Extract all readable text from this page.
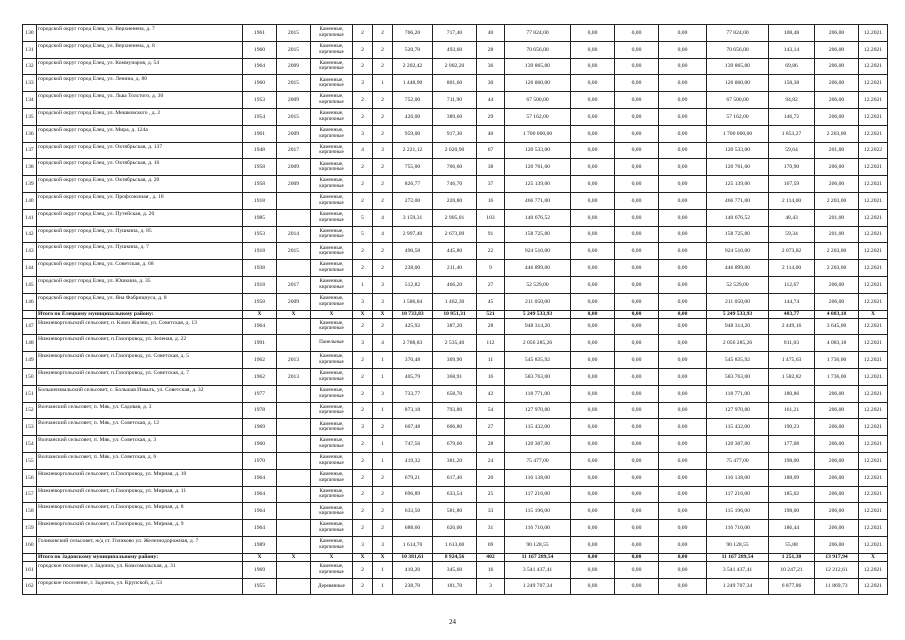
130	городской округ город Елец, ул. Верхненена, д. 7	1961	2015	Каменные, кирпичные	2	2	766,20	717,40	40	77 824,00	0,00	0,00	0,00	77 824,00	108,48	206,00	12.2021
131	городской округ город Елец, ул. Верхненена, д. 8	1960	2015	Каменные, кирпичные	2	2	520,70	493,60	28	70 656,00	0,00	0,00	0,00	70 656,00	143,14	206,00	12.2021
132	городской округ город Елец, ул. Коммунаров, д. 54	1964	2009	Каменные, кирпичные	2	2	2 202,42	2 002,20	36	139 865,00	0,00	0,00	0,00	139 865,00	69,86	206,00	12.2021
133	городской округ город Елец, ул. Ленина, д. 80	1960	2015	Каменные, кирпичные	3	1	1 448,90	801,60	30	126 860,00	0,00	0,00	0,00	126 860,00	158,38	206,00	12.2021
134	городской округ город Елец, ул. Льва Толстого, д. 30	1953	2009	Каменные, кирпичные	2	2	752,00	711,90	44	67 500,00	0,00	0,00	0,00	67 500,00	94,82	206,00	12.2021
135	городской округ город Елец, ул. Мешковского , д. 2	1954	2015	Каменные, кирпичные	2	2	426,00	389,60	29	57 162,00	0,00	0,00	0,00	57 162,00	146,72	206,00	12.2021
136	городской округ город Елец, ул. Мира, д. 124а	1961	2009	Каменные, кирпичные	3	2	959,00	917,30	40	1 700 000,00	0,00	0,00	0,00	1 700 000,00	1 853,27	2 203,00	12.2021
137	городской округ город Елец, ул. Октябрьская, д. 137	1948	2017	Каменные, кирпичные	4	3	2 221,12	2 020,90	67	120 533,00	0,00	0,00	0,00	120 533,00	59,64	201,00	12.2022
138	городской округ город Елец, ул. Октябрьская, д. 16	1958	2009	Каменные, кирпичные	2	2	755,00	706,60	38	120 761,00	0,00	0,00	0,00	120 761,00	170,90	206,00	12.2021
139	городской округ город Елец, ул. Октябрьская, д. 20	1958	2009	Каменные, кирпичные	2	2	826,77	746,70	37	125 139,00	0,00	0,00	0,00	125 139,00	167,59	206,00	12.2021
140	городской округ город Елец, ул. Профсоюзная , д. 18	1918		Каменные, кирпичные	2	2	272,00	220,80	16	466 771,00	0,00	0,00	0,00	466 771,00	2 114,00	2 203,00	12.2021
141	городской округ город Елец, ул. Путейская, д. 20	1985		Каменные, кирпичные	5	4	3 159,31	2 905,01	103	140 676,52	0,00	0,00	0,00	140 676,52	48,43	201,00	12.2021
142	городской округ город Елец, ул. Пушкина, д. 85	1953	2014	Каменные, кирпичные	5	4	2 997,40	2 673,09	91	158 725,00	0,00	0,00	0,00	158 725,00	59,34	201,00	12.2021
143	городской округ город Елец, ул. Пушкина, д. 7	1918	2015	Каменные, кирпичные	2	2	490,58	445,80	22	924 510,00	0,00	0,00	0,00	924 510,00	2 073,82	2 203,00	12.2021
144	городской округ город Елец, ул. Советская, д. 68	1938		Каменные, кирпичные	2	2	238,00	211,40	9	446 899,00	0,00	0,00	0,00	446 899,00	2 114,00	2 203,00	12.2021
145	городской округ город Елец, ул. Юшкина, д. 35	1918	2017	Каменные, кирпичные	1	3	512,82	466,20	27	52 529,00	0,00	0,00	0,00	52 529,00	112,67	206,00	12.2021
146	городской округ город Елец, ул. Яна Фабрициуса, д. 8	1958	2009	Каменные, кирпичные	3	3	1 586,84	1 462,30	45	211 050,00	0,00	0,00	0,00	211 050,00	144,74	206,00	12.2021
	Итого по Елецкому муниципальному району:	X	X	X	X	X	10 733,83	10 851,31	521	5 249 533,93	0,00	0,00	0,00	5 249 533,93	483,77	4 083,18	X
147	Нижневоргольский сельсовет, п. Ключ Жизни, ул. Советская, д. 13	1964		Каменные, кирпичные	2	2	425,92	387,20	28	948 314,20	0,00	0,00	0,00	948 314,20	2 449,16	3 645,00	12.2021
148	Нижневоргольский сельсовет, п.Газопровод, ул. Зеленая, д. 22	1991		Панельные	3	4	2 788,83	2 535,40	112	2 056 285,26	0,00	0,00	0,00	2 056 285,26	811,03	4 083,18	12.2021
149	Нижневоргольский сельсовет, п.Газопровод, ул. Советская, д. 5	1962	2013	Каменные, кирпичные	2	1	370,48	369,90	11	545 835,92	0,00	0,00	0,00	545 835,92	1 475,63	1 736,00	12.2021
150	Нижневоргольский сельсовет, п.Газопровод, ул. Советская, д. 7	1962	2013	Каменные, кирпичные	2	1	405,79	368,91	16	583 763,00	0,00	0,00	0,00	583 763,00	1 582,82	1 736,00	12.2021
151	Большеизвальский сельсовет, с. Большая Извалъ, ул. Советская, д. 32	1977		Каменные, кирпичные	2	3	733,77	658,70	42	118 771,00	0,00	0,00	0,00	118 771,00	180,86	206,00	12.2021
152	Волчанский сельсовет, п. Мяк, ул. Садовая, д. 3	1978		Каменные, кирпичные	2	1	873,18	793,80	54	127 970,00	0,00	0,00	0,00	127 970,00	161,21	206,00	12.2021
153	Волчанский сельсовет, п. Мяк, ул. Советская, д. 12	1969		Каменные, кирпичные	3	2	667,48	606,80	27	115 432,00	0,00	0,00	0,00	115 432,00	190,23	206,00	12.2021
154	Волчанский сельсовет, п. Мяк, ул. Советская, д. 3	1960		Каменные, кирпичные	2	1	747,56	679,60	28	120 307,00	0,00	0,00	0,00	120 307,00	177,08	206,00	12.2021
155	Волчанский сельсовет, п. Мяк, ул. Советская, д. 6	1970		Каменные, кирпичные	2	1	419,32	381,20	24	75 477,00	0,00	0,00	0,00	75 477,00	198,00	206,00	12.2021
156	Нижневоргольский сельсовет, п.Газопровод, ул. Мирная, д. 10	1964		Каменные, кирпичные	2	2	679,21	617,46	20	116 138,00	0,00	0,00	0,00	116 138,00	188,09	206,00	12.2021
157	Нижневоргольский сельсовет, п.Газопровод, ул. Мирная, д. 11	1964		Каменные, кирпичные	2	2	696,89	633,54	25	117 216,00	0,00	0,00	0,00	117 216,00	185,02	206,00	12.2021
158	Нижневоргольский сельсовет, п.Газопровод, ул. Мирная, д. 8	1964		Каменные, кирпичные	2	2	633,50	581,80	33	115 196,00	0,00	0,00	0,00	115 196,00	198,00	206,00	12.2021
159	Нижневоргольский сельсовет, п.Газопровод, ул. Мирная, д. 9	1964		Каменные, кирпичные	2	2	688,60	626,00	31	116 710,00	0,00	0,00	0,00	116 710,00	186,44	206,00	12.2021
160	Голиковский сельсовет, ж/д ст. Голиково ул. Железнодорожная, д. 7	1989		Каменные, кирпичные	3	3	1 614,70	1 613,00	69	90 128,55	0,00	0,00	0,00	90 128,55	55,88	206,00	12.2021
	Итого по Задонскому муниципальному району:	X	X	X	X	X	10 381,61	8 924,56	402	11 167 289,54	0,00	0,00	0,00	11 167 289,54	1 251,30	13 917,94	X
161	городское поселение, г. Задонск, ул. Комсомольская, д. 31	1969		Каменные, кирпичные	2	1	410,20	345,60	16	3 541 437,41	0,00	0,00	0,00	3 541 437,41	10 247,21	12 212,61	12.2021
162	городское поселение, г. Задонск, ул. Крупской, д. 53	1955		Деревянные	2	1	238,70	181,70	3	1 249 707,34	0,00	0,00	0,00	1 249 707,34	6 877,86	11 869,73	12.2021
24
